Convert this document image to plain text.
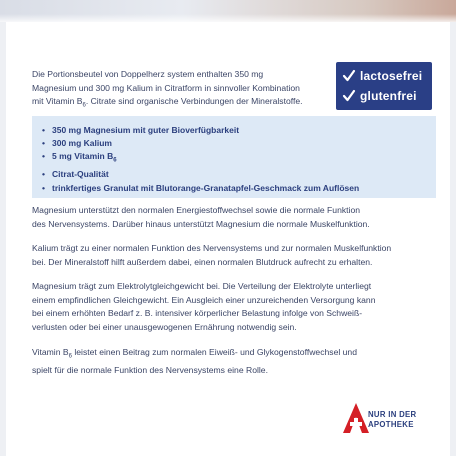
Die Portionsbeutel von Doppelherz system enthalten 350 mg
Magnesium und 300 mg Kalium in Citratform in sinnvoller Kombination
mit Vitamin $B_6$. Citrate sind organische Verbindungen der Mineralstoffe.
lactosefrei
glutenfrei
• 350 mg Magnesium mit guter Bioverfügbarkeit
• 300 mg Kalium
• 5 mg Vitamin $B_6$
• Citrat-Qualität
• trinkfertiges Granulat mit Blutorange-Granatapfel-Geschmack zum Auflösen
Magnesium unterstützt den normalen Energiestoffwechsel sowie die normale Funktion
des Nervensystems. Darüber hinaus unterstützt Magnesium die normale Muskelfunktion.
Kalium trägt zu einer normalen Funktion des Nervensystems und zur normalen Muskelfunktion
bei. Der Mineralstoff hilft außerdem dabei, einen normalen Blutdruck aufrecht zu erhalten.
Magnesium trägt zum Elektrolytgleichgewicht bei. Die Verteilung der Elektrolyte unterliegt
einem empfindlichen Gleichgewicht. Ein Ausgleich einer unzureichenden Versorgung kann
bei einem erhöhten Bedarf z. B. intensiver körperlicher Belastung infolge von Schweiß-
verlusten oder bei einer unausgewogenen Ernährung notwendig sein.
Vitamin $B_6$ leistet einen Beitrag zum normalen Eiweiß- und Glykogenstoffwechsel und
spielt für die normale Funktion des Nervensystems eine Rolle.
NUR IN DER
APOTHEKE
